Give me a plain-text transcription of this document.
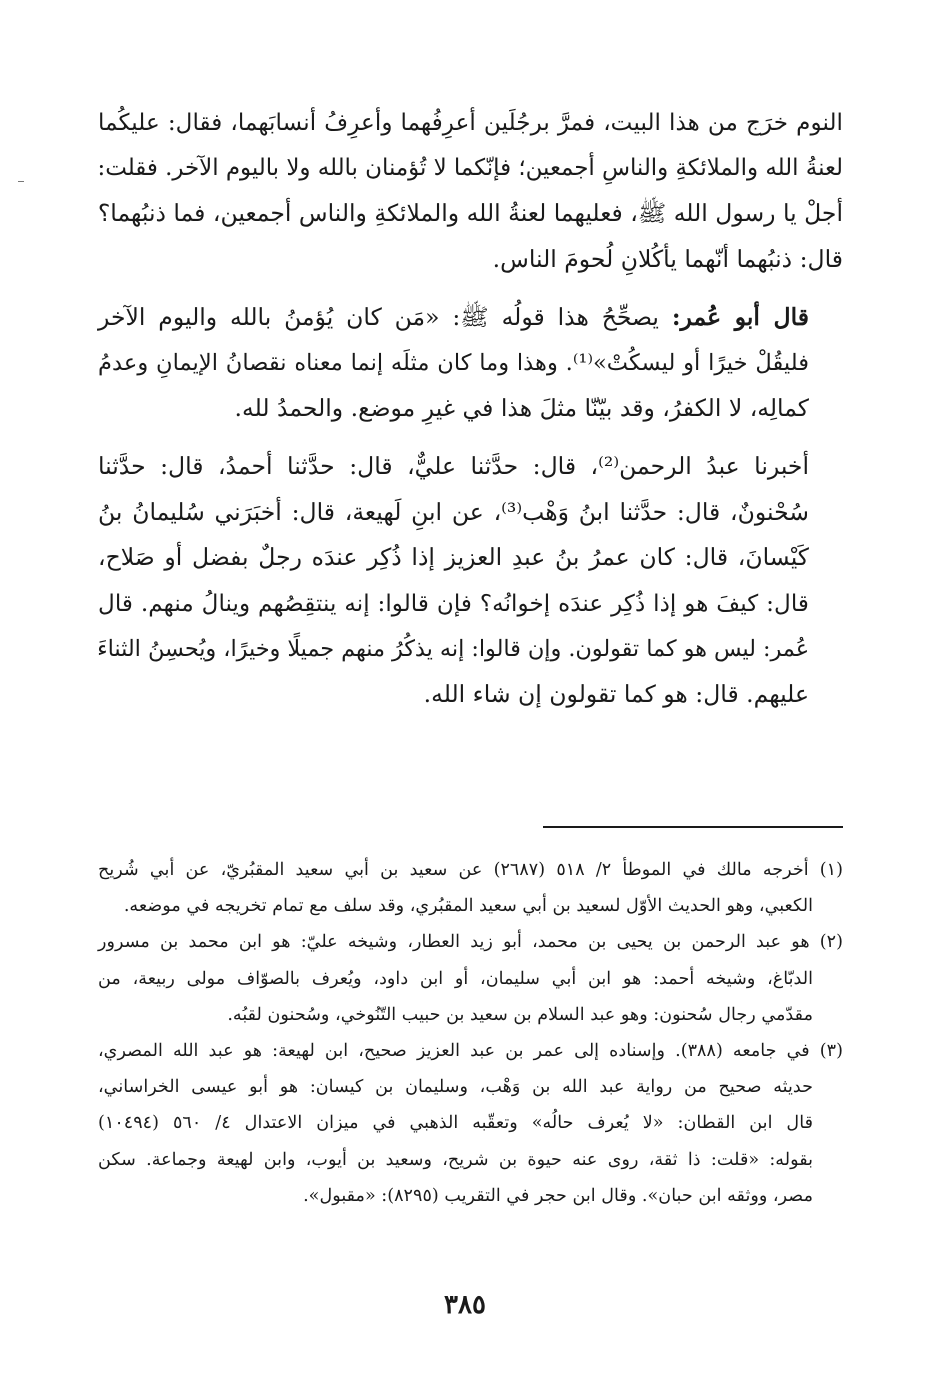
النوم خرَج من هذا البيت، فمرَّ برجُلَين أعرِفُهما وأعرِفُ أنسابَهما، فقال: عليكُما
لعنةُ الله والملائكةِ والناسِ أجمعين؛ فإنّكما لا تُؤمنان بالله ولا باليوم الآخر. فقلت:
أجلْ يا رسول الله ﷺ، فعليهما لعنةُ الله والملائكةِ والناس أجمعين، فما ذنبُهما؟
قال: ذنبُهما أنّهما يأكُلانِ لُحومَ الناس.

قال أبو عُمر: يصحِّحُ هذا قولُه ﷺ: «مَن كان يُؤمنُ بالله واليوم الآخر
فليقُلْ خيرًا أو ليسكُتْ»⁽¹⁾. وهذا وما كان مثلَه إنما معناه نقصانُ الإيمانِ وعدمُ
كمالِه، لا الكفرُ، وقد بيّنّا مثلَ هذا في غيرِ موضع. والحمدُ لله.

أخبرنا عبدُ الرحمن⁽²⁾، قال: حدَّثنا عليٌّ، قال: حدَّثنا أحمدُ، قال: حدَّثنا
سُحْنونٌ، قال: حدَّثنا ابنُ وَهْب⁽³⁾، عن ابنِ لَهيعة، قال: أخبَرَني سُليمانُ بنُ
كَيْسانَ، قال: كان عمرُ بنُ عبدِ العزيز إذا ذُكِر عندَه رجلٌ بفضل أو صَلاح،
قال: كيفَ هو إذا ذُكِر عندَه إخوانُه؟ فإن قالوا: إنه ينتقِصُهم وينالُ منهم. قال
عُمر: ليس هو كما تقولون. وإن قالوا: إنه يذكُرُ منهم جميلًا وخيرًا، ويُحسِنُ الثناءَ
عليهم. قال: هو كما تقولون إن شاء الله.

(١) أخرجه مالك في الموطأ ٢/ ٥١٨ (٢٦٨٧) عن سعيد بن أبي سعيد المقبُريّ، عن أبي شُريح
الكعبي، وهو الحديث الأوّل لسعيد بن أبي سعيد المقبُري، وقد سلف مع تمام تخريجه في موضعه.

(٢) هو عبد الرحمن بن يحيى بن محمد، أبو زيد العطار، وشيخه عليّ: هو ابن محمد بن مسرور
الدبّاغ، وشيخه أحمد: هو ابن أبي سليمان، أو ابن داود، ويُعرف بالصوّاف مولى ربيعة، من
مقدّمي رجال سُحنون: وهو عبد السلام بن سعيد بن حبيب التّنُوخي، وسُحنون لقبُه.

(٣) في جامعه (٣٨٨). وإسناده إلى عمر بن عبد العزيز صحيح، ابن لهيعة: هو عبد الله المصري،
حديثه صحيح من رواية عبد الله بن وَهْب، وسليمان بن كيسان: هو أبو عيسى الخراساني،
قال ابن القطان: «لا يُعرف حالُه» وتعقّبه الذهبي في ميزان الاعتدال ٤/ ٥٦٠ (١٠٤٩٤)
بقوله: «قلت: ذا ثقة، روى عنه حيوة بن شريح، وسعيد بن أيوب، وابن لهيعة وجماعة. سكن
مصر، ووثقه ابن حبان». وقال ابن حجر في التقريب (٨٢٩٥): «مقبول».

٣٨٥
